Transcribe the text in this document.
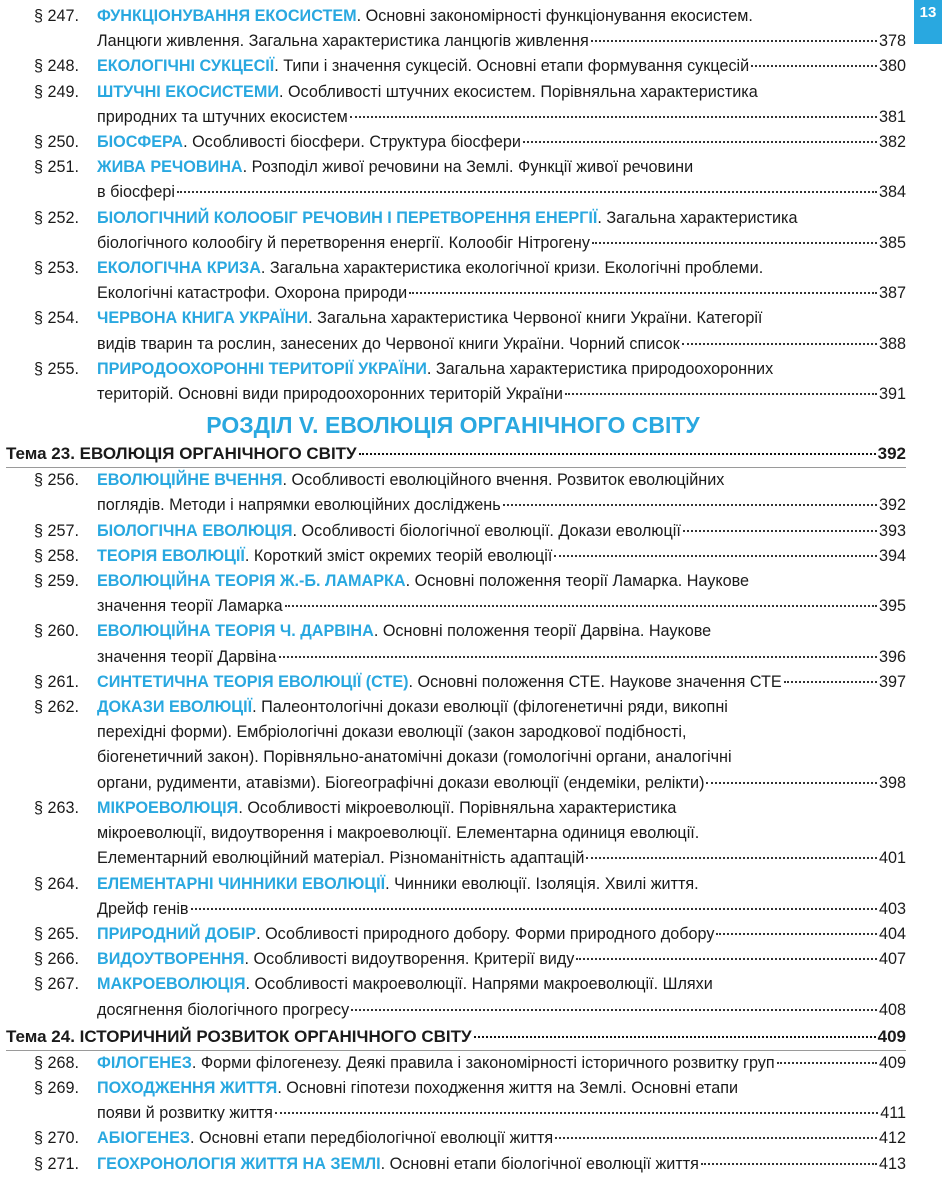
13
§ 247. ФУНКЦІОНУВАННЯ ЕКОСИСТЕМ. Основні закономірності функціонування екосистем.
Ланцюги живлення. Загальна характеристика ланцюгів живлення	378
§ 248. ЕКОЛОГІЧНІ СУКЦЕСІЇ. Типи і значення сукцесій. Основні етапи формування сукцесій	380
§ 249. ШТУЧНІ ЕКОСИСТЕМИ. Особливості штучних екосистем. Порівняльна характеристика
природних та штучних екосистем	381
§ 250. БІОСФЕРА. Особливості біосфери. Структура біосфери	382
§ 251. ЖИВА РЕЧОВИНА. Розподіл живої речовини на Землі. Функції живої речовини
в біосфері	384
§ 252. БІОЛОГІЧНИЙ КОЛООБІГ РЕЧОВИН І ПЕРЕТВОРЕННЯ ЕНЕРГІЇ. Загальна характеристика
біологічного колообігу й перетворення енергії. Колообіг Нітрогену	385
§ 253. ЕКОЛОГІЧНА КРИЗА. Загальна характеристика екологічної кризи. Екологічні проблеми.
Екологічні катастрофи. Охорона природи	387
§ 254. ЧЕРВОНА КНИГА УКРАЇНИ. Загальна характеристика Червоної книги України. Категорії
видів тварин та рослин, занесених до Червоної книги України. Чорний список	388
§ 255. ПРИРОДООХОРОННІ ТЕРИТОРІЇ УКРАЇНИ. Загальна характеристика природоохоронних
територій. Основні види природоохоронних територій України	391
РОЗДІЛ V. ЕВОЛЮЦІЯ ОРГАНІЧНОГО СВІТУ
Тема 23. ЕВОЛЮЦІЯ ОРГАНІЧНОГО СВІТУ	392
§ 256. ЕВОЛЮЦІЙНЕ ВЧЕННЯ. Особливості еволюційного вчення. Розвиток еволюційних
поглядів. Методи і напрямки еволюційних досліджень	392
§ 257. БІОЛОГІЧНА ЕВОЛЮЦІЯ. Особливості біологічної еволюції. Докази еволюції	393
§ 258. ТЕОРІЯ ЕВОЛЮЦІЇ. Короткий зміст окремих теорій еволюції	394
§ 259. ЕВОЛЮЦІЙНА ТЕОРІЯ Ж.-Б. ЛАМАРКА. Основні положення теорії Ламарка. Наукове
значення теорії Ламарка	395
§ 260. ЕВОЛЮЦІЙНА ТЕОРІЯ Ч. ДАРВІНА. Основні положення теорії Дарвіна. Наукове
значення теорії Дарвіна	396
§ 261. СИНТЕТИЧНА ТЕОРІЯ ЕВОЛЮЦІЇ (СТЕ). Основні положення СТЕ. Наукове значення СТЕ	397
§ 262. ДОКАЗИ ЕВОЛЮЦІЇ. Палеонтологічні докази еволюції (філогенетичні ряди, викопні
перехідні форми). Ембріологічні докази еволюції (закон зародкової подібності,
біогенетичний закон). Порівняльно-анатомічні докази (гомологічні органи, аналогічні
органи, рудименти, атавізми). Біогеографічні докази еволюції (ендеміки, релікти)	398
§ 263. МІКРОЕВОЛЮЦІЯ. Особливості мікроеволюції. Порівняльна характеристика
мікроеволюції, видоутворення і макроеволюції. Елементарна одиниця еволюції.
Елементарний еволюційний матеріал. Різноманітність адаптацій	401
§ 264. ЕЛЕМЕНТАРНІ ЧИННИКИ ЕВОЛЮЦІЇ. Чинники еволюції. Ізоляція. Хвилі життя.
Дрейф генів	403
§ 265. ПРИРОДНИЙ ДОБІР. Особливості природного добору. Форми природного добору	404
§ 266. ВИДОУТВОРЕННЯ. Особливості видоутворення. Критерії виду	407
§ 267. МАКРОЕВОЛЮЦІЯ. Особливості макроеволюції. Напрями макроеволюції. Шляхи
досягнення біологічного прогресу	408
Тема 24. ІСТОРИЧНИЙ РОЗВИТОК ОРГАНІЧНОГО СВІТУ	409
§ 268. ФІЛОГЕНЕЗ. Форми філогенезу. Деякі правила і закономірності історичного розвитку груп	409
§ 269. ПОХОДЖЕННЯ ЖИТТЯ. Основні гіпотези походження життя на Землі. Основні етапи
появи й розвитку життя	411
§ 270. АБІОГЕНЕЗ. Основні етапи передбіологічної еволюції життя	412
§ 271. ГЕОХРОНОЛОГІЯ ЖИТТЯ НА ЗЕМЛІ. Основні етапи біологічної еволюції життя	413
